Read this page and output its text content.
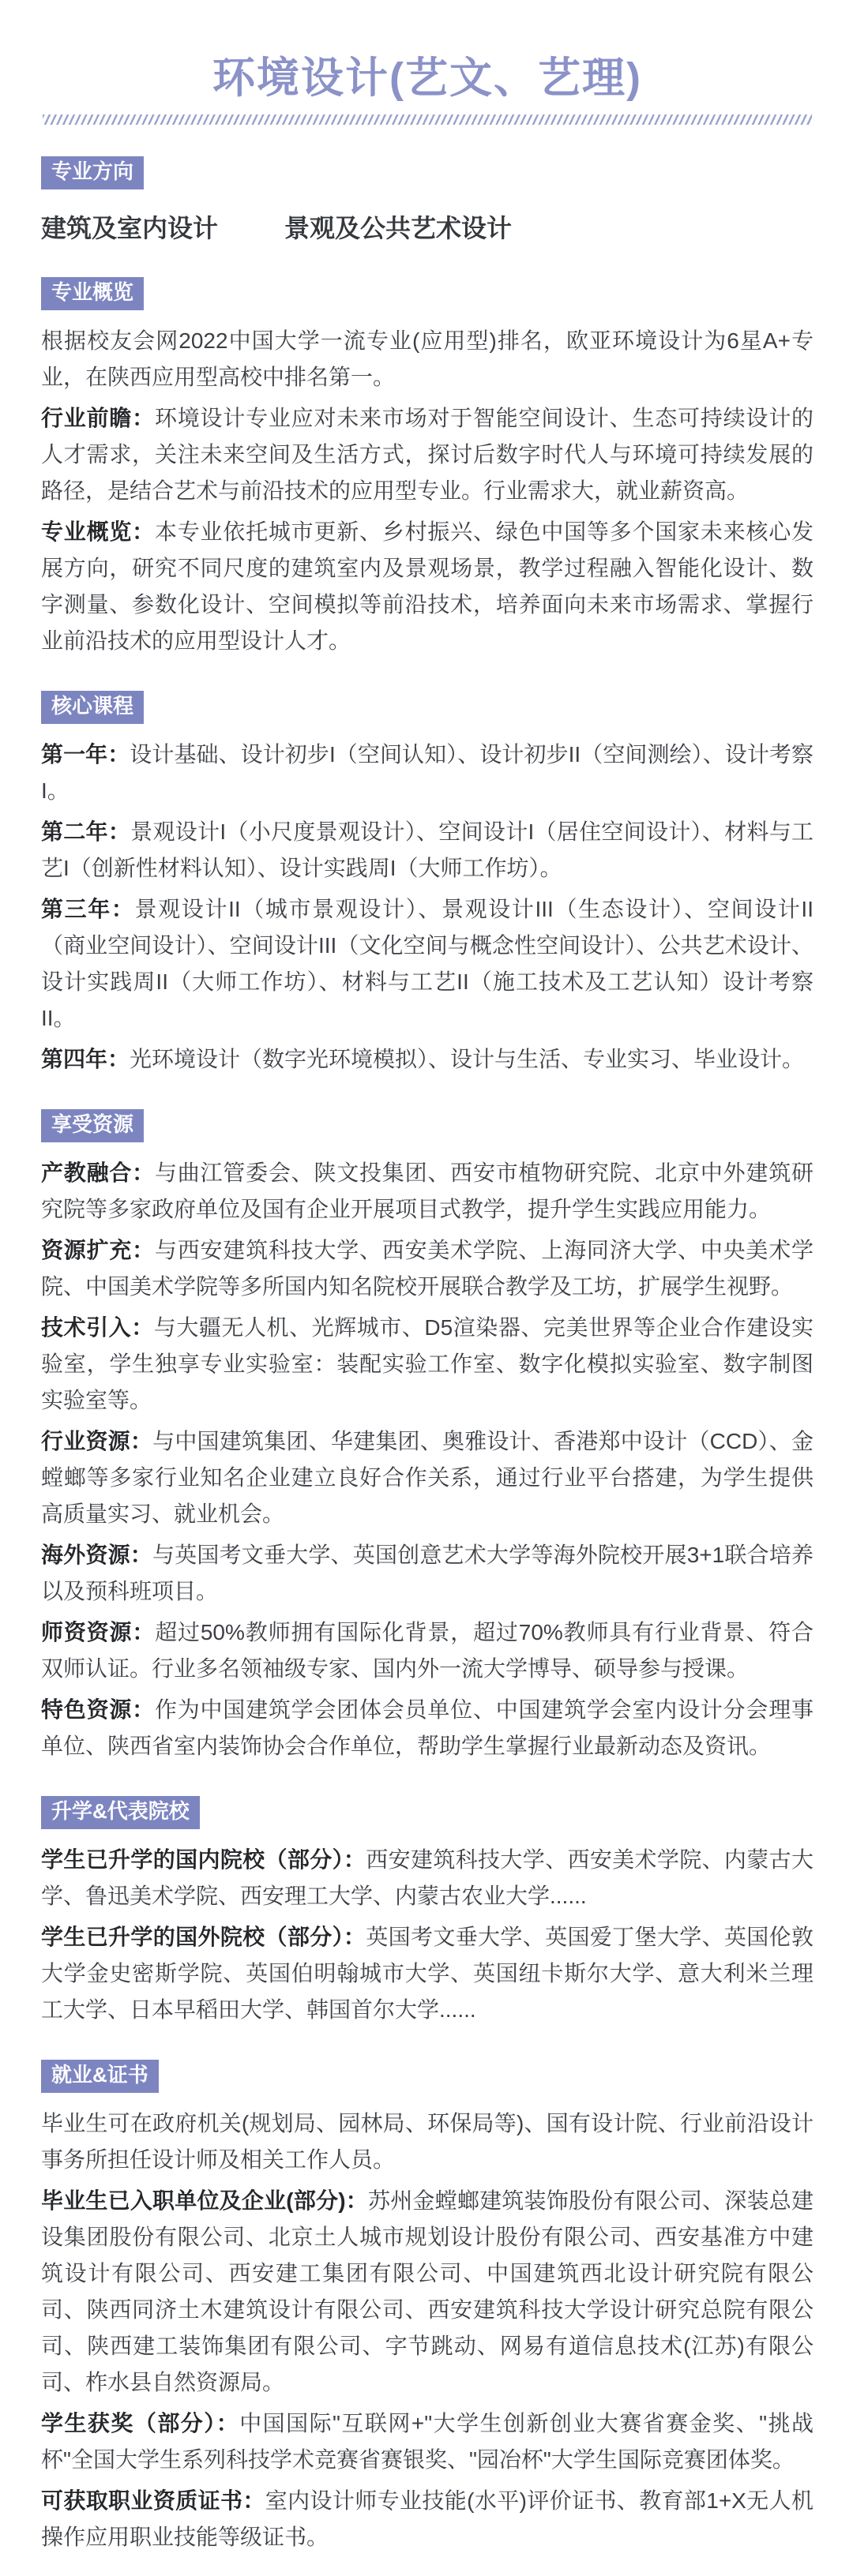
环境设计(艺文、艺理)
专业方向

建筑及室内设计	景观及公共艺术设计

专业概览

根据校友会网2022中国大学一流专业(应用型)排名，欧亚环境设计为6星A+专业，在陕西应用型高校中排名第一。

行业前瞻：环境设计专业应对未来市场对于智能空间设计、生态可持续设计的人才需求，关注未来空间及生活方式，探讨后数字时代人与环境可持续发展的路径，是结合艺术与前沿技术的应用型专业。行业需求大，就业薪资高。

专业概览：本专业依托城市更新、乡村振兴、绿色中国等多个国家未来核心发展方向，研究不同尺度的建筑室内及景观场景，教学过程融入智能化设计、数字测量、参数化设计、空间模拟等前沿技术，培养面向未来市场需求、掌握行业前沿技术的应用型设计人才。

核心课程

第一年：设计基础、设计初步I（空间认知）、设计初步II（空间测绘）、设计考察I。

第二年：景观设计I（小尺度景观设计）、空间设计I（居住空间设计）、材料与工艺I（创新性材料认知）、设计实践周I（大师工作坊）。

第三年：景观设计II（城市景观设计）、景观设计III（生态设计）、空间设计II（商业空间设计）、空间设计III（文化空间与概念性空间设计）、公共艺术设计、设计实践周II（大师工作坊）、材料与工艺II（施工技术及工艺认知）设计考察II。

第四年：光环境设计（数字光环境模拟）、设计与生活、专业实习、毕业设计。

享受资源

产教融合：与曲江管委会、陕文投集团、西安市植物研究院、北京中外建筑研究院等多家政府单位及国有企业开展项目式教学，提升学生实践应用能力。

资源扩充：与西安建筑科技大学、西安美术学院、上海同济大学、中央美术学院、中国美术学院等多所国内知名院校开展联合教学及工坊，扩展学生视野。

技术引入：与大疆无人机、光辉城市、D5渲染器、完美世界等企业合作建设实验室，学生独享专业实验室：装配实验工作室、数字化模拟实验室、数字制图实验室等。

行业资源：与中国建筑集团、华建集团、奥雅设计、香港郑中设计（CCD）、金螳螂等多家行业知名企业建立良好合作关系，通过行业平台搭建，为学生提供高质量实习、就业机会。

海外资源：与英国考文垂大学、英国创意艺术大学等海外院校开展3+1联合培养以及预科班项目。

师资资源：超过50%教师拥有国际化背景，超过70%教师具有行业背景、符合双师认证。行业多名领袖级专家、国内外一流大学博导、硕导参与授课。

特色资源：作为中国建筑学会团体会员单位、中国建筑学会室内设计分会理事单位、陕西省室内装饰协会合作单位，帮助学生掌握行业最新动态及资讯。

升学&代表院校

学生已升学的国内院校（部分）：西安建筑科技大学、西安美术学院、内蒙古大学、鲁迅美术学院、西安理工大学、内蒙古农业大学......

学生已升学的国外院校（部分）：英国考文垂大学、英国爱丁堡大学、英国伦敦大学金史密斯学院、英国伯明翰城市大学、英国纽卡斯尔大学、意大利米兰理工大学、日本早稻田大学、韩国首尔大学......

就业&证书

毕业生可在政府机关(规划局、园林局、环保局等)、国有设计院、行业前沿设计事务所担任设计师及相关工作人员。

毕业生已入职单位及企业(部分)：苏州金螳螂建筑装饰股份有限公司、深装总建设集团股份有限公司、北京土人城市规划设计股份有限公司、西安基准方中建筑设计有限公司、西安建工集团有限公司、中国建筑西北设计研究院有限公司、陕西同济土木建筑设计有限公司、西安建筑科技大学设计研究总院有限公司、陕西建工装饰集团有限公司、字节跳动、网易有道信息技术(江苏)有限公司、柞水县自然资源局。

学生获奖（部分）：中国国际"互联网+"大学生创新创业大赛省赛金奖、"挑战杯"全国大学生系列科技学术竞赛省赛银奖、"园冶杯"大学生国际竞赛团体奖。

可获取职业资质证书：室内设计师专业技能(水平)评价证书、教育部1+X无人机操作应用职业技能等级证书。
